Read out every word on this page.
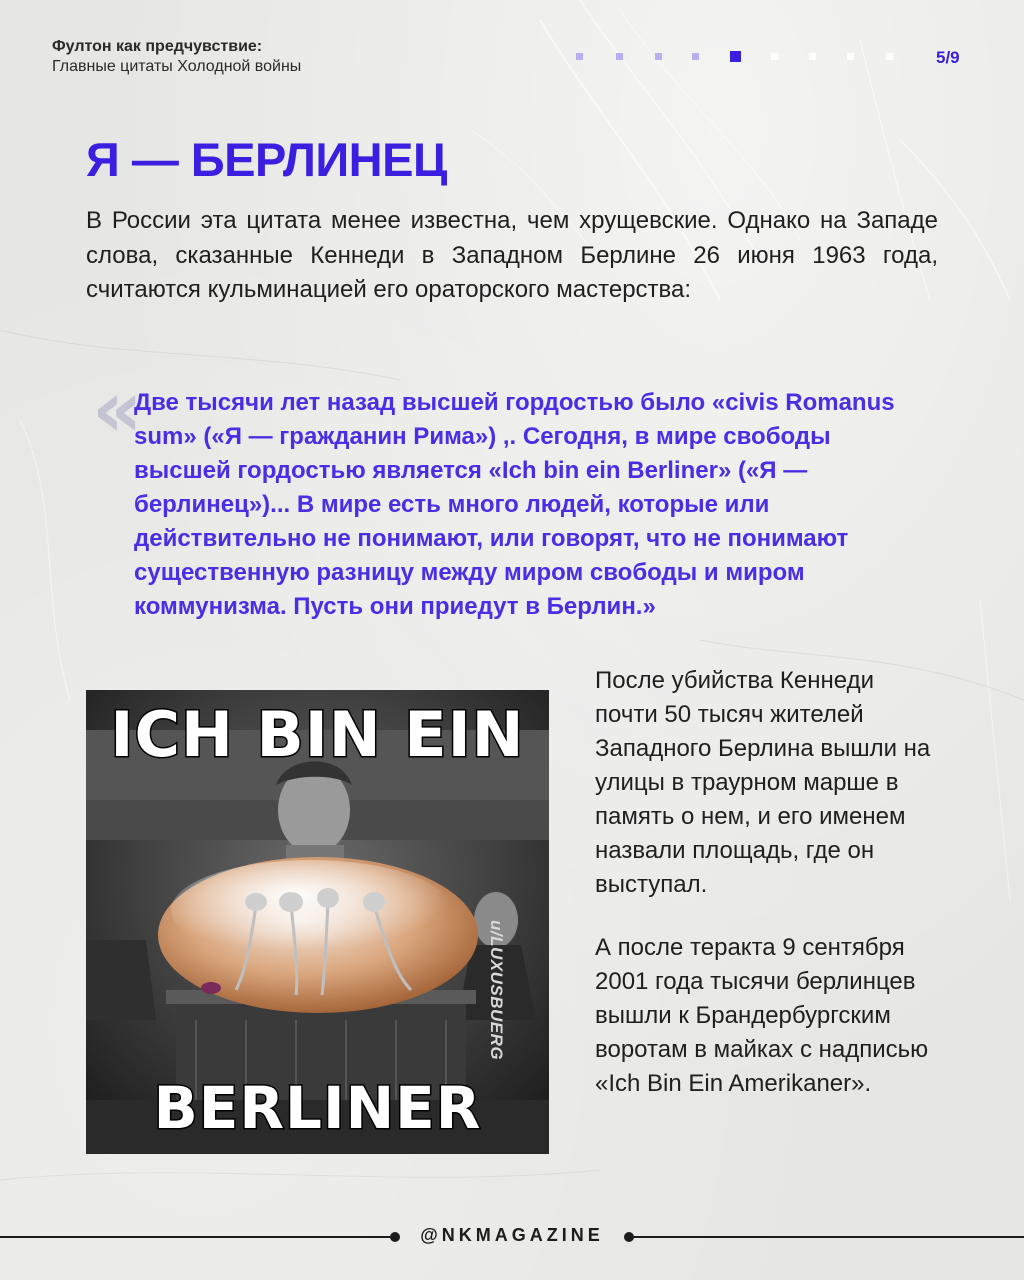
Фултон как предчувствие:
Главные цитаты Холодной войны	5/9
Я — БЕРЛИНЕЦ
В России эта цитата менее известна, чем хрущевские. Однако на Западе слова, сказанные Кеннеди в Западном Берлине 26 июня 1963 года, считаются кульминацией его ораторского мастерства:
«
Две тысячи лет назад высшей гордостью было «civis Romanus sum» («Я — гражданин Рима») ,. Сегодня, в мире свободы высшей гордостью является «Ich bin ein Berliner» («Я — берлинец»)... В мире есть много людей, которые или действительно не понимают, или говорят, что не понимают существенную разницу между миром свободы и миром коммунизма. Пусть они приедут в Берлин.»
ICH BIN EIN
BERLINER
u/LUXUSBUERG
После убийства Кеннеди почти 50 тысяч жителей Западного Берлина вышли на улицы в траурном марше в память о нем, и его именем назвали площадь, где он выступал.
А после теракта 9 сентября 2001 года тысячи берлинцев вышли к Брандербургским воротам в майках с надписью «Ich Bin Ein Amerikaner».
@NKMAGAZINE
